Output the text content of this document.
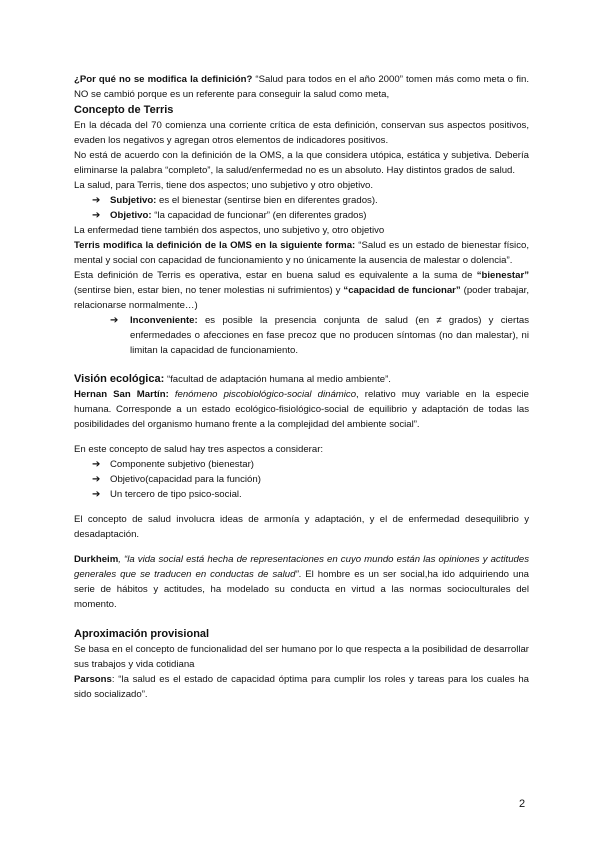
¿Por qué no se modifica la definición? “Salud para todos en el año 2000” tomen más como meta o fin. NO se cambió porque es un referente para conseguir la salud como meta,

Concepto de Terris

En la década del 70 comienza una corriente crítica de esta definición, conservan sus aspectos positivos, evaden los negativos y agregan otros elementos de indicadores positivos.

No está de acuerdo con la definición de la OMS, a la que considera utópica, estática y subjetiva. Debería eliminarse la palabra “completo”, la salud/enfermedad no es un absoluto. Hay distintos grados de salud.

La salud, para Terris, tiene dos aspectos; uno subjetivo y otro objetivo.

➔ Subjetivo: es el bienestar (sentirse bien en diferentes grados).
➔ Objetivo: “la capacidad de funcionar” (en diferentes grados)

La enfermedad tiene también dos aspectos, uno subjetivo y, otro objetivo

Terris modifica la definición de la OMS en la siguiente forma: “Salud es un estado de bienestar físico, mental y social con capacidad de funcionamiento y no únicamente la ausencia de malestar o dolencia”.

Esta definición de Terris es operativa, estar en buena salud es equivalente a la suma de “bienestar” (sentirse bien, estar bien, no tener molestias ni sufrimientos) y “capacidad de funcionar” (poder trabajar, relacionarse normalmente…)

➔ Inconveniente: es posible la presencia conjunta de salud (en ≠ grados) y ciertas enfermedades o afecciones en fase precoz que no producen síntomas (no dan malestar), ni limitan la capacidad de funcionamiento.

Visión ecológica: “facultad de adaptación humana al medio ambiente”.

Hernan San Martín: fenómeno piscobiológico-social dinámico, relativo muy variable en la especie humana. Corresponde a un estado ecológico-fisiológico-social de equilibrio y adaptación de todas las posibilidades del organismo humano frente a la complejidad del ambiente social”.

En este concepto de salud hay tres aspectos a considerar:

➔ Componente subjetivo (bienestar)
➔ Objetivo(capacidad para la función)
➔ Un tercero de tipo psico-social.

El concepto de salud involucra ideas de armonía y adaptación, y el de enfermedad desequilibrio y desadaptación.

Durkheim, “la vida social está hecha de representaciones en cuyo mundo están las opiniones y actitudes generales que se traducen en conductas de salud”. El hombre es un ser social,ha ido adquiriendo una serie de hábitos y actitudes, ha modelado su conducta en virtud a las normas socioculturales del momento.

Aproximación provisional

Se basa en el concepto de funcionalidad del ser humano por lo que respecta a la posibilidad de desarrollar sus trabajos y vida cotidiana

Parsons: “la salud es el estado de capacidad óptima para cumplir los roles y tareas para los cuales ha sido socializado”.

2
